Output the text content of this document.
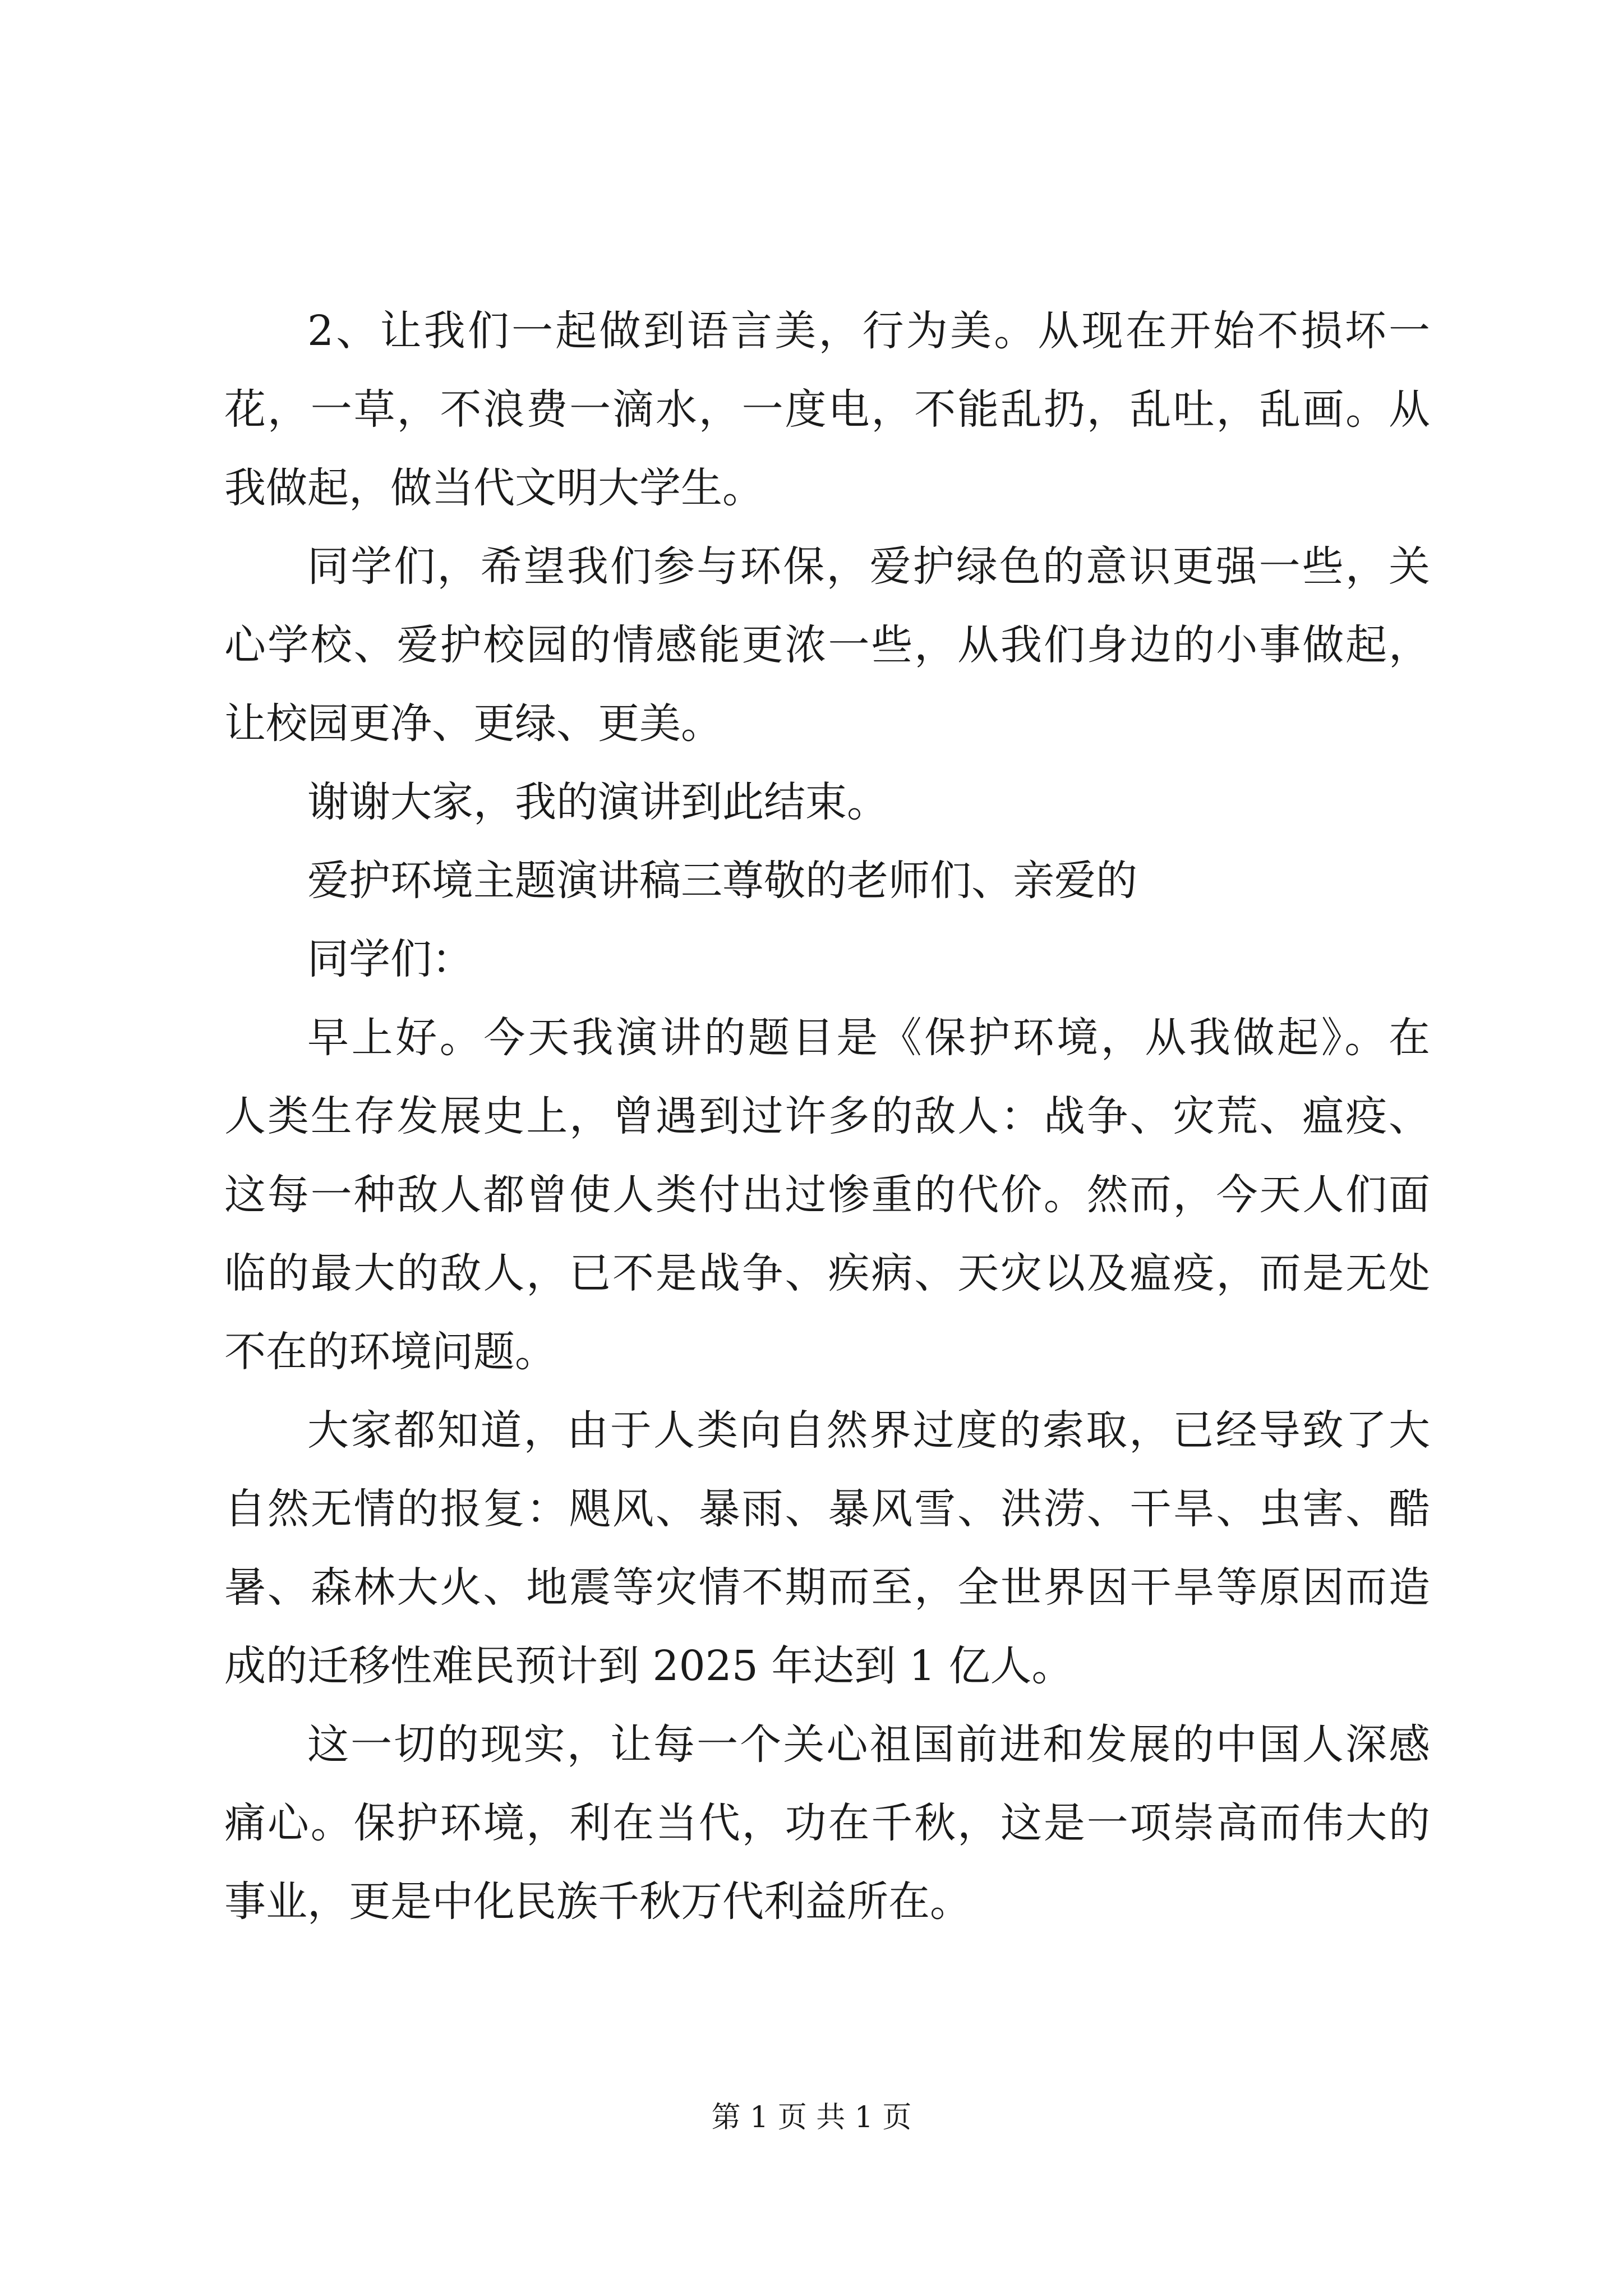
2、让我们一起做到语言美，行为美。从现在开始不损坏一
花，一草，不浪费一滴水，一度电，不能乱扔，乱吐，乱画。从
我做起，做当代文明大学生。
同学们，希望我们参与环保，爱护绿色的意识更强一些，关
心学校、爱护校园的情感能更浓一些，从我们身边的小事做起，
让校园更净、更绿、更美。
谢谢大家，我的演讲到此结束。
爱护环境主题演讲稿三尊敬的老师们、亲爱的
同学们：
早上好。今天我演讲的题目是《保护环境，从我做起》。在
人类生存发展史上，曾遇到过许多的敌人：战争、灾荒、瘟疫、
这每一种敌人都曾使人类付出过惨重的代价。然而，今天人们面
临的最大的敌人，已不是战争、疾病、天灾以及瘟疫，而是无处
不在的环境问题。
大家都知道，由于人类向自然界过度的索取，已经导致了大
自然无情的报复：飓风、暴雨、暴风雪、洪涝、干旱、虫害、酷
暑、森林大火、地震等灾情不期而至，全世界因干旱等原因而造
成的迁移性难民预计到 2025 年达到 1 亿人。
这一切的现实，让每一个关心祖国前进和发展的中国人深感
痛心。保护环境，利在当代，功在千秋，这是一项崇高而伟大的
事业，更是中化民族千秋万代利益所在。
第 1 页 共 1 页
